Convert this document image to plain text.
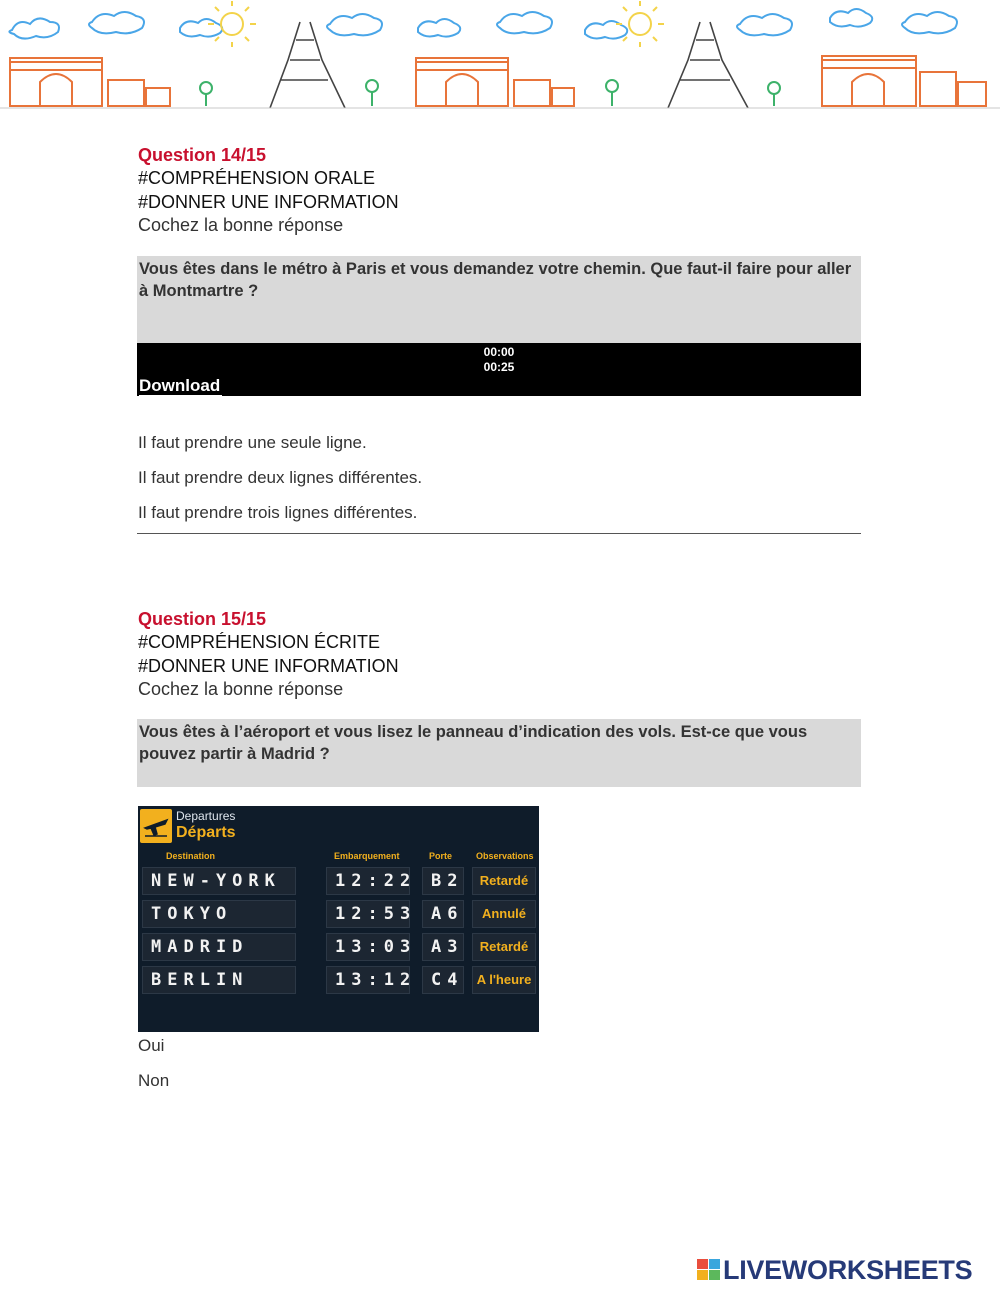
Question 14/15
#COMPRÉHENSION ORALE
#DONNER UNE INFORMATION
Cochez la bonne réponse
Vous êtes dans le métro à Paris et vous demandez votre chemin. Que faut-il faire pour aller à Montmartre ?
00:00
00:25
Download
Il faut prendre une seule ligne.
Il faut prendre deux lignes différentes.
Il faut prendre trois lignes différentes.
Question 15/15
#COMPRÉHENSION ÉCRITE
#DONNER UNE INFORMATION
Cochez la bonne réponse
Vous êtes à l’aéroport et vous lisez le panneau d’indication des vols. Est-ce que vous pouvez partir à Madrid ?
Departures
Départs
Destination	Embarquement	Porte	Observations
NEW-YORK	12:22 B2	Retardé
TOKYO	12:53 A6	Annulé
MADRID	13:03 A3	Retardé
BERLIN	13:12 C4	A l'heure
Oui
Non
LIVEWORKSHEETS
